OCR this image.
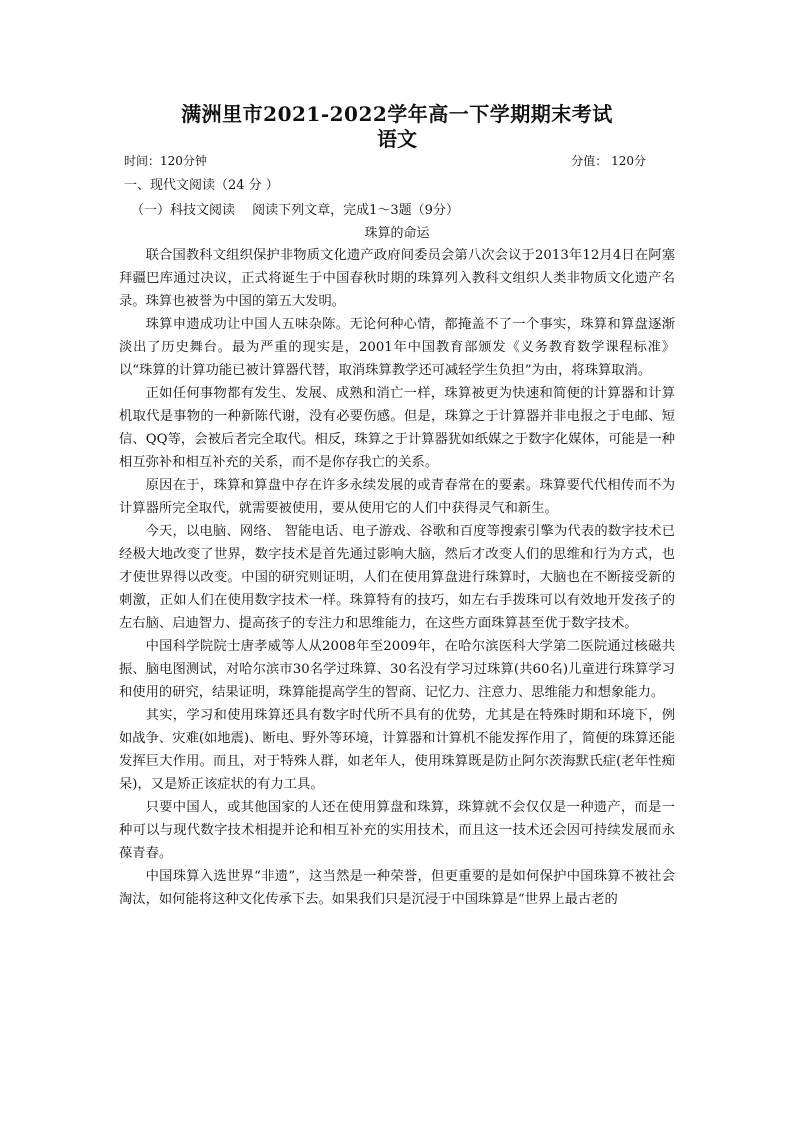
满洲里市2021-2022学年高一下学期期末考试
语文
时间：120分钟	分值： 120分
一、现代文阅读（24 分 ）
（一）科技文阅读　 阅读下列文章，完成1～3题（9分）
珠算的命运

联合国教科文组织保护非物质文化遗产政府间委员会第八次会议于2013年12月4日在阿塞拜疆巴库通过决议，正式将诞生于中国春秋时期的珠算列入教科文组织人类非物质文化遗产名录。珠算也被誉为中国的第五大发明。

珠算申遗成功让中国人五味杂陈。无论何种心情，都掩盖不了一个事实，珠算和算盘逐渐淡出了历史舞台。最为严重的现实是，2001年中国教育部颁发《义务教育数学课程标准》以“珠算的计算功能已被计算器代替，取消珠算教学还可减轻学生负担”为由，将珠算取消。

正如任何事物都有发生、发展、成熟和消亡一样，珠算被更为快速和简便的计算器和计算机取代是事物的一种新陈代谢，没有必要伤感。但是，珠算之于计算器并非电报之于电邮、短信、QQ等，会被后者完全取代。相反，珠算之于计算器犹如纸媒之于数字化媒体，可能是一种相互弥补和相互补充的关系，而不是你存我亡的关系。

原因在于，珠算和算盘中存在许多永续发展的或青春常在的要素。珠算要代代相传而不为计算器所完全取代，就需要被使用，要从使用它的人们中获得灵气和新生。

今天，以电脑、网络、 智能电话、电子游戏、谷歌和百度等搜索引擎为代表的数字技术已经极大地改变了世界，数字技术是首先通过影响大脑，然后才改变人们的思维和行为方式，也才使世界得以改变。中国的研究则证明，人们在使用算盘进行珠算时，大脑也在不断接受新的刺激，正如人们在使用数字技术一样。珠算特有的技巧，如左右手拨珠可以有效地开发孩子的左右脑、启迪智力、提高孩子的专注力和思维能力，在这些方面珠算甚至优于数字技术。

中国科学院院士唐孝威等人从2008年至2009年，在哈尔滨医科大学第二医院通过核磁共振、脑电图测试，对哈尔滨市30名学过珠算、30名没有学习过珠算(共60名)儿童进行珠算学习和使用的研究，结果证明，珠算能提高学生的智商、记忆力、注意力、思维能力和想象能力。

其实，学习和使用珠算还具有数字时代所不具有的优势，尤其是在特殊时期和环境下，例如战争、灾难(如地震)、断电、野外等环境，计算器和计算机不能发挥作用了，简便的珠算还能发挥巨大作用。而且，对于特殊人群，如老年人，使用珠算既是防止阿尔茨海默氏症(老年性痴呆)，又是矫正该症状的有力工具。

只要中国人，或其他国家的人还在使用算盘和珠算，珠算就不会仅仅是一种遗产，而是一种可以与现代数字技术相提并论和相互补充的实用技术，而且这一技术还会因可持续发展而永葆青春。

中国珠算入选世界“非遗”，这当然是一种荣誉，但更重要的是如何保护中国珠算不被社会淘汰，如何能将这种文化传承下去。如果我们只是沉浸于中国珠算是“世界上最古老的
